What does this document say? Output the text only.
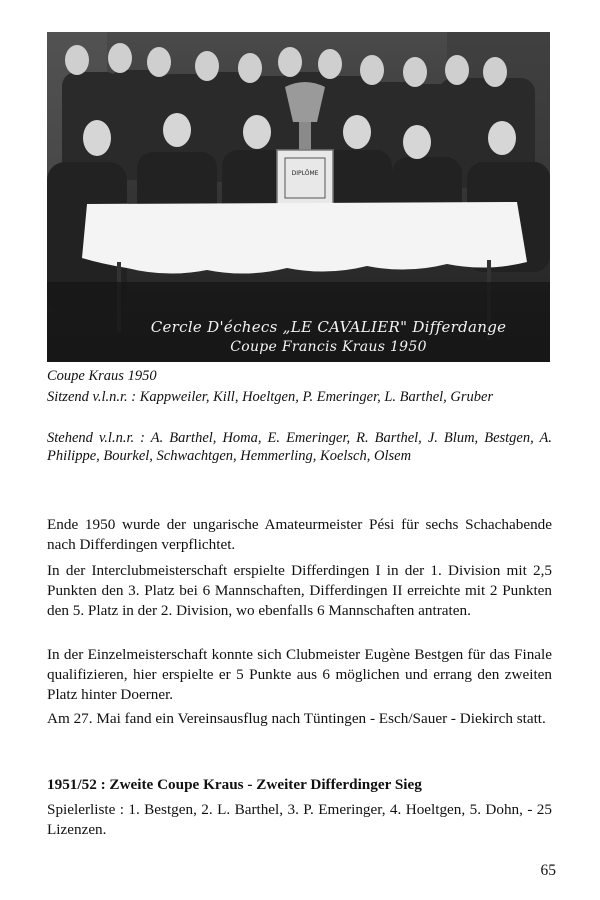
DIPLÔME
Cercle D'échecs „LE CAVALIER" Differdange
Coupe Francis Kraus 1950

Coupe Kraus 1950

Sitzend v.l.n.r. : Kappweiler, Kill, Hoeltgen, P. Emeringer, L. Barthel, Gruber

Stehend v.l.n.r. : A. Barthel, Homa, E. Emeringer, R. Barthel, J. Blum, Bestgen, A. Philippe, Bourkel, Schwachtgen, Hemmerling, Koelsch, Olsem

Ende 1950 wurde der ungarische Amateurmeister Pési für sechs Schachabende nach Differdingen verpflichtet.

In der Interclubmeisterschaft erspielte Differdingen I in der 1. Division mit 2,5 Punkten den 3. Platz bei 6 Mannschaften, Differdingen II erreichte mit 2 Punkten den 5. Platz in der 2. Division, wo ebenfalls 6 Mannschaften antraten.

In der Einzelmeisterschaft konnte sich Clubmeister Eugène Bestgen für das Finale qualifizieren, hier erspielte er 5 Punkte aus 6 möglichen und errang den zweiten Platz hinter Doerner.

Am 27. Mai fand ein Vereinsausflug nach Tüntingen - Esch/Sauer - Diekirch statt.

1951/52 : Zweite Coupe Kraus - Zweiter Differdinger Sieg

Spielerliste : 1. Bestgen, 2. L. Barthel, 3. P. Emeringer, 4. Hoeltgen, 5. Dohn, - 25 Lizenzen.

65
